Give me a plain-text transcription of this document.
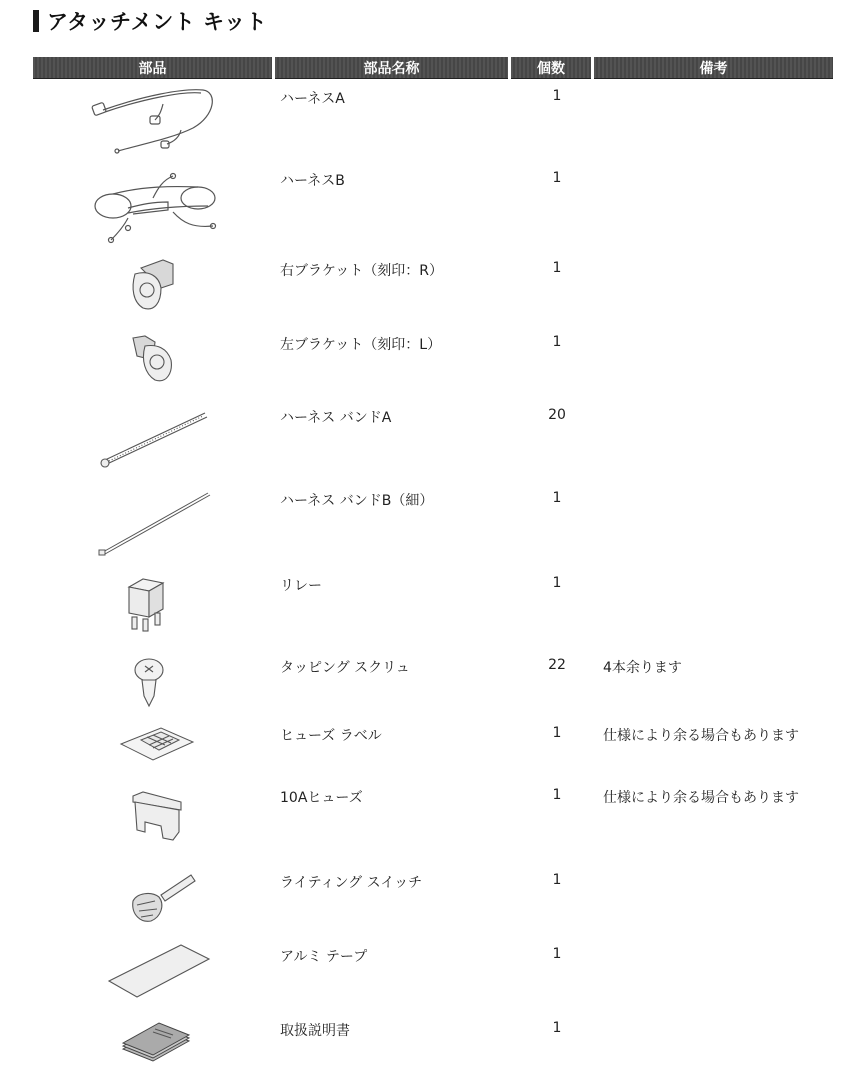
アタッチメント キット
部品	部品名称	個数	備考
ハーネスA	1
ハーネスB	1
右ブラケット（刻印：R）	1
左ブラケット（刻印：L）	1
ハーネス バンドA	20
ハーネス バンドB（細）	1
リレー	1
タッピング スクリュ	22	4本余ります
ヒューズ ラベル	1	仕様により余る場合もあります
10Aヒューズ	1	仕様により余る場合もあります
ライティング スイッチ	1
アルミ テープ	1
取扱説明書	1
